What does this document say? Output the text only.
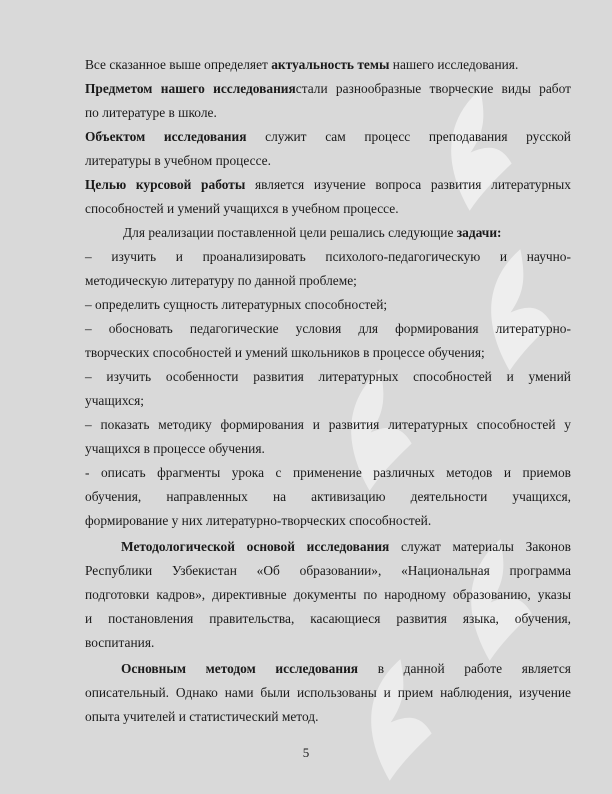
Все сказанное выше определяет актуальность темы нашего исследования.
Предметом нашего исследованиястали разнообразные творческие виды работ
по литературе в школе.
Объектом исследования служит сам процесс преподавания русской
литературы в учебном процессе.
Целью курсовой работы является изучение вопроса развития литературных
способностей и умений учащихся в учебном процессе.
Для реализации поставленной цели решались следующие задачи:
– изучить и проанализировать психолого-педагогическую и научно-
методическую литературу по данной проблеме;
– определить сущность литературных способностей;
– обосновать педагогические условия для формирования литературно-
творческих способностей и умений школьников в процессе обучения;
– изучить особенности развития литературных способностей и умений
учащихся;
– показать методику формирования и развития литературных способностей у
учащихся в процессе обучения.
- описать фрагменты урока с применение различных методов и приемов
обучения, направленных на активизацию деятельности учащихся,
формирование у них литературно-творческих способностей.
Методологической основой исследования служат материалы Законов
Республики Узбекистан «Об образовании», «Национальная программа
подготовки кадров», директивные документы по народному образованию, указы
и постановления правительства, касающиеся развития языка, обучения,
воспитания.
Основным методом исследования в данной работе является
описательный. Однако нами были использованы и прием наблюдения, изучение
опыта учителей и статистический метод.
5
